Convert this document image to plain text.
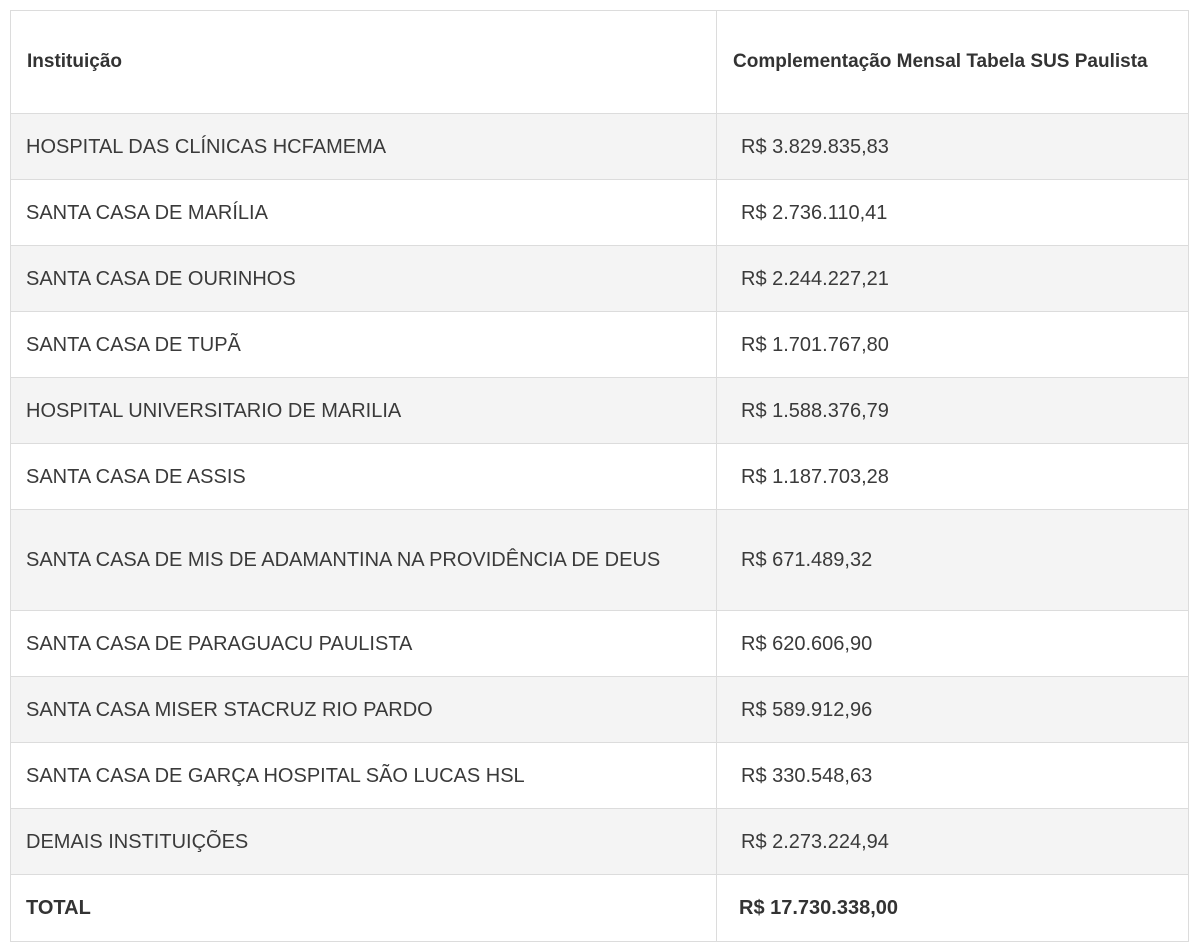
Instituição	Complementação Mensal Tabela SUS Paulista
HOSPITAL DAS CLÍNICAS HCFAMEMA	R$ 3.829.835,83
SANTA CASA DE MARÍLIA	R$ 2.736.110,41
SANTA CASA DE OURINHOS	R$ 2.244.227,21
SANTA CASA DE TUPÃ	R$ 1.701.767,80
HOSPITAL UNIVERSITARIO DE MARILIA	R$ 1.588.376,79
SANTA CASA DE ASSIS	R$ 1.187.703,28
SANTA CASA DE MIS DE ADAMANTINA NA PROVIDÊNCIA DE DEUS	R$ 671.489,32
SANTA CASA DE PARAGUACU PAULISTA	R$ 620.606,90
SANTA CASA MISER STACRUZ RIO PARDO	R$ 589.912,96
SANTA CASA DE GARÇA HOSPITAL SÃO LUCAS HSL	R$ 330.548,63
DEMAIS INSTITUIÇÕES	R$ 2.273.224,94
TOTAL	R$ 17.730.338,00
